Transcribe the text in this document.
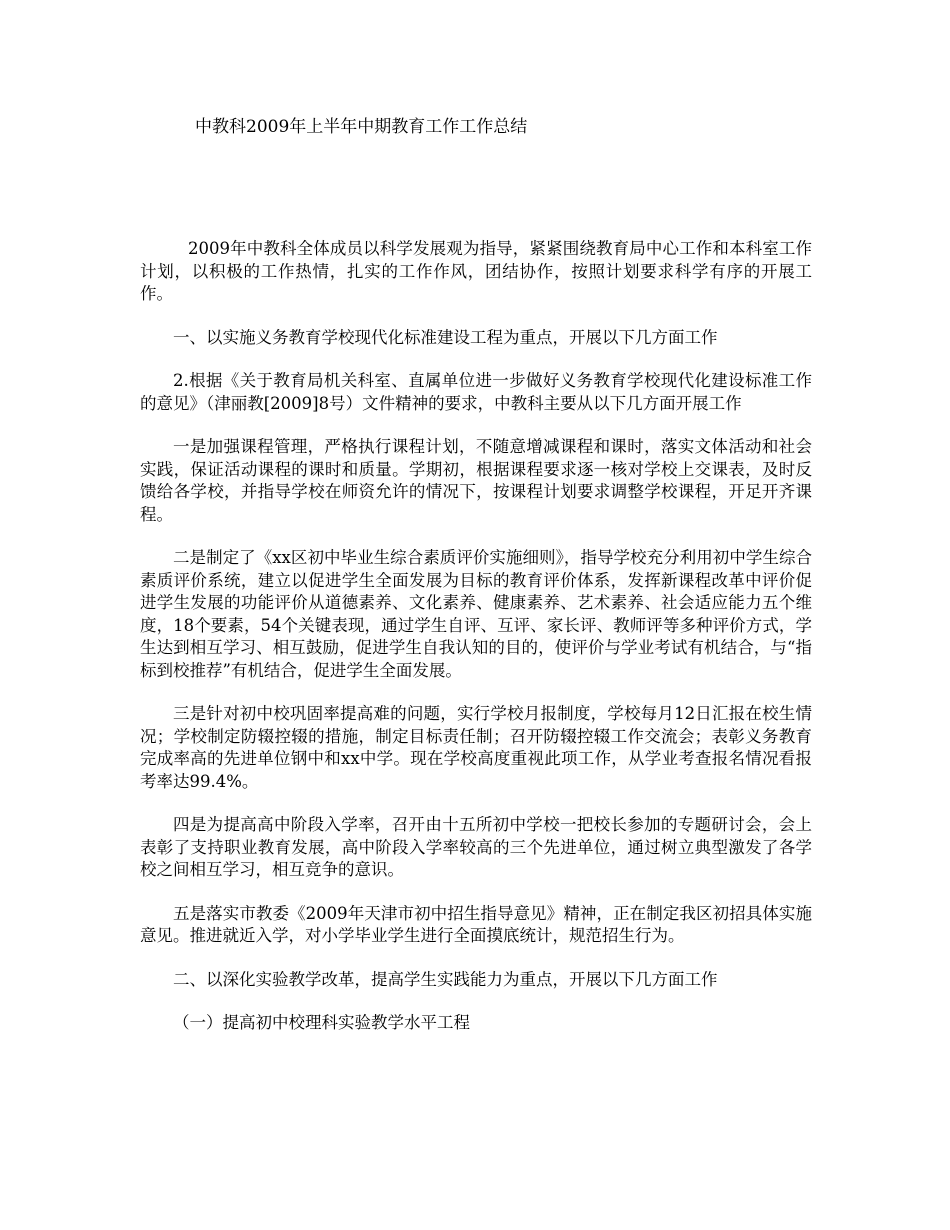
中教科2009年上半年中期教育工作工作总结

2009年中教科全体成员以科学发展观为指导，紧紧围绕教育局中心工作和本科室工作计划，以积极的工作热情，扎实的工作作风，团结协作，按照计划要求科学有序的开展工作。

一、以实施义务教育学校现代化标准建设工程为重点，开展以下几方面工作

2.根据《关于教育局机关科室、直属单位进一步做好义务教育学校现代化建设标准工作的意见》（津丽教[2009]8号）文件精神的要求，中教科主要从以下几方面开展工作

一是加强课程管理，严格执行课程计划，不随意增减课程和课时，落实文体活动和社会实践，保证活动课程的课时和质量。学期初，根据课程要求逐一核对学校上交课表，及时反馈给各学校，并指导学校在师资允许的情况下，按课程计划要求调整学校课程，开足开齐课程。

二是制定了《xx区初中毕业生综合素质评价实施细则》，指导学校充分利用初中学生综合素质评价系统，建立以促进学生全面发展为目标的教育评价体系，发挥新课程改革中评价促进学生发展的功能评价从道德素养、文化素养、健康素养、艺术素养、社会适应能力五个维度，18个要素，54个关键表现，通过学生自评、互评、家长评、教师评等多种评价方式，学生达到相互学习、相互鼓励，促进学生自我认知的目的，使评价与学业考试有机结合，与“指标到校推荐”有机结合，促进学生全面发展。

三是针对初中校巩固率提高难的问题，实行学校月报制度，学校每月12日汇报在校生情况；学校制定防辍控辍的措施，制定目标责任制；召开防辍控辍工作交流会；表彰义务教育完成率高的先进单位钢中和xx中学。现在学校高度重视此项工作，从学业考查报名情况看报考率达99.4%。

四是为提高高中阶段入学率，召开由十五所初中学校一把校长参加的专题研讨会，会上表彰了支持职业教育发展，高中阶段入学率较高的三个先进单位，通过树立典型激发了各学校之间相互学习，相互竞争的意识。

五是落实市教委《2009年天津市初中招生指导意见》精神，正在制定我区初招具体实施意见。推进就近入学，对小学毕业学生进行全面摸底统计，规范招生行为。

二、以深化实验教学改革，提高学生实践能力为重点，开展以下几方面工作

（一）提高初中校理科实验教学水平工程
